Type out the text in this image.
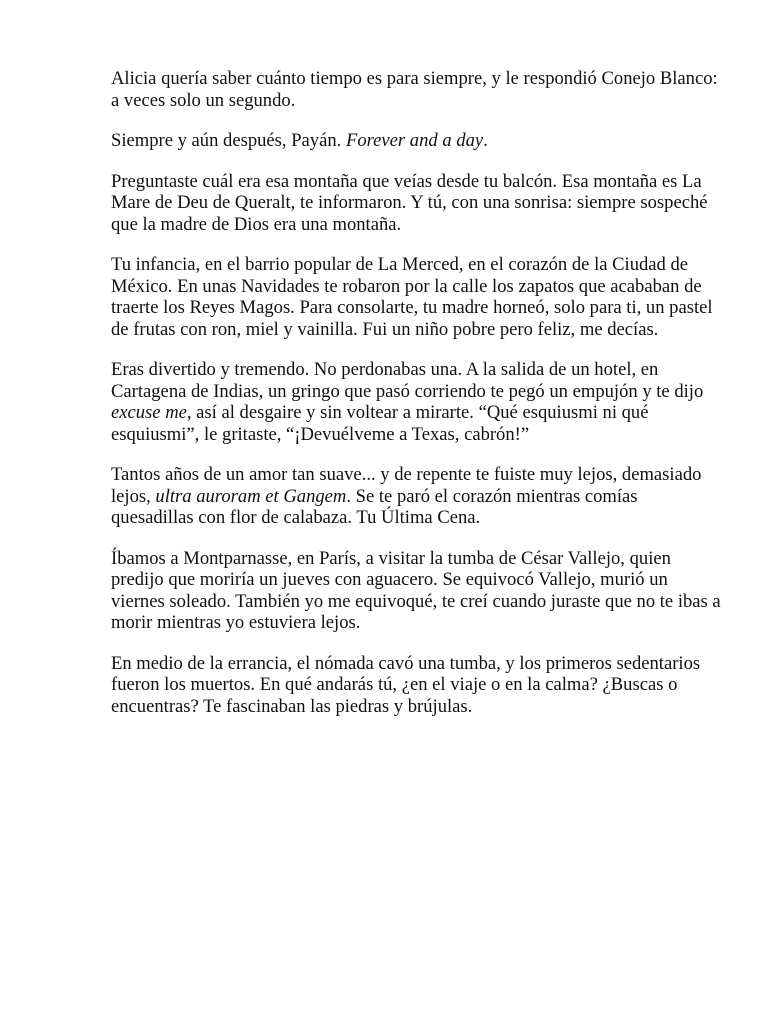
Alicia quería saber cuánto tiempo es para siempre, y le respondió Conejo Blanco: a veces solo un segundo.

Siempre y aún después, Payán. Forever and a day.

Preguntaste cuál era esa montaña que veías desde tu balcón. Esa montaña es La Mare de Deu de Queralt, te informaron. Y tú, con una sonrisa: siempre sospeché que la madre de Dios era una montaña.

Tu infancia, en el barrio popular de La Merced, en el corazón de la Ciudad de México. En unas Navidades te robaron por la calle los zapatos que acababan de traerte los Reyes Magos. Para consolarte, tu madre horneó, solo para ti, un pastel de frutas con ron, miel y vainilla. Fui un niño pobre pero feliz, me decías.

Eras divertido y tremendo. No perdonabas una. A la salida de un hotel, en Cartagena de Indias, un gringo que pasó corriendo te pegó un empujón y te dijo excuse me, así al desgaire y sin voltear a mirarte. “Qué esquiusmi ni qué esquiusmi”, le gritaste, “¡Devuélveme a Texas, cabrón!”

Tantos años de un amor tan suave... y de repente te fuiste muy lejos, demasiado lejos, ultra auroram et Gangem. Se te paró el corazón mientras comías quesadillas con flor de calabaza. Tu Última Cena.

Íbamos a Montparnasse, en París, a visitar la tumba de César Vallejo, quien predijo que moriría un jueves con aguacero. Se equivocó Vallejo, murió un viernes soleado. También yo me equivoqué, te creí cuando juraste que no te ibas a morir mientras yo estuviera lejos.

En medio de la errancia, el nómada cavó una tumba, y los primeros sedentarios fueron los muertos. En qué andarás tú, ¿en el viaje o en la calma? ¿Buscas o encuentras? Te fascinaban las piedras y brújulas.
